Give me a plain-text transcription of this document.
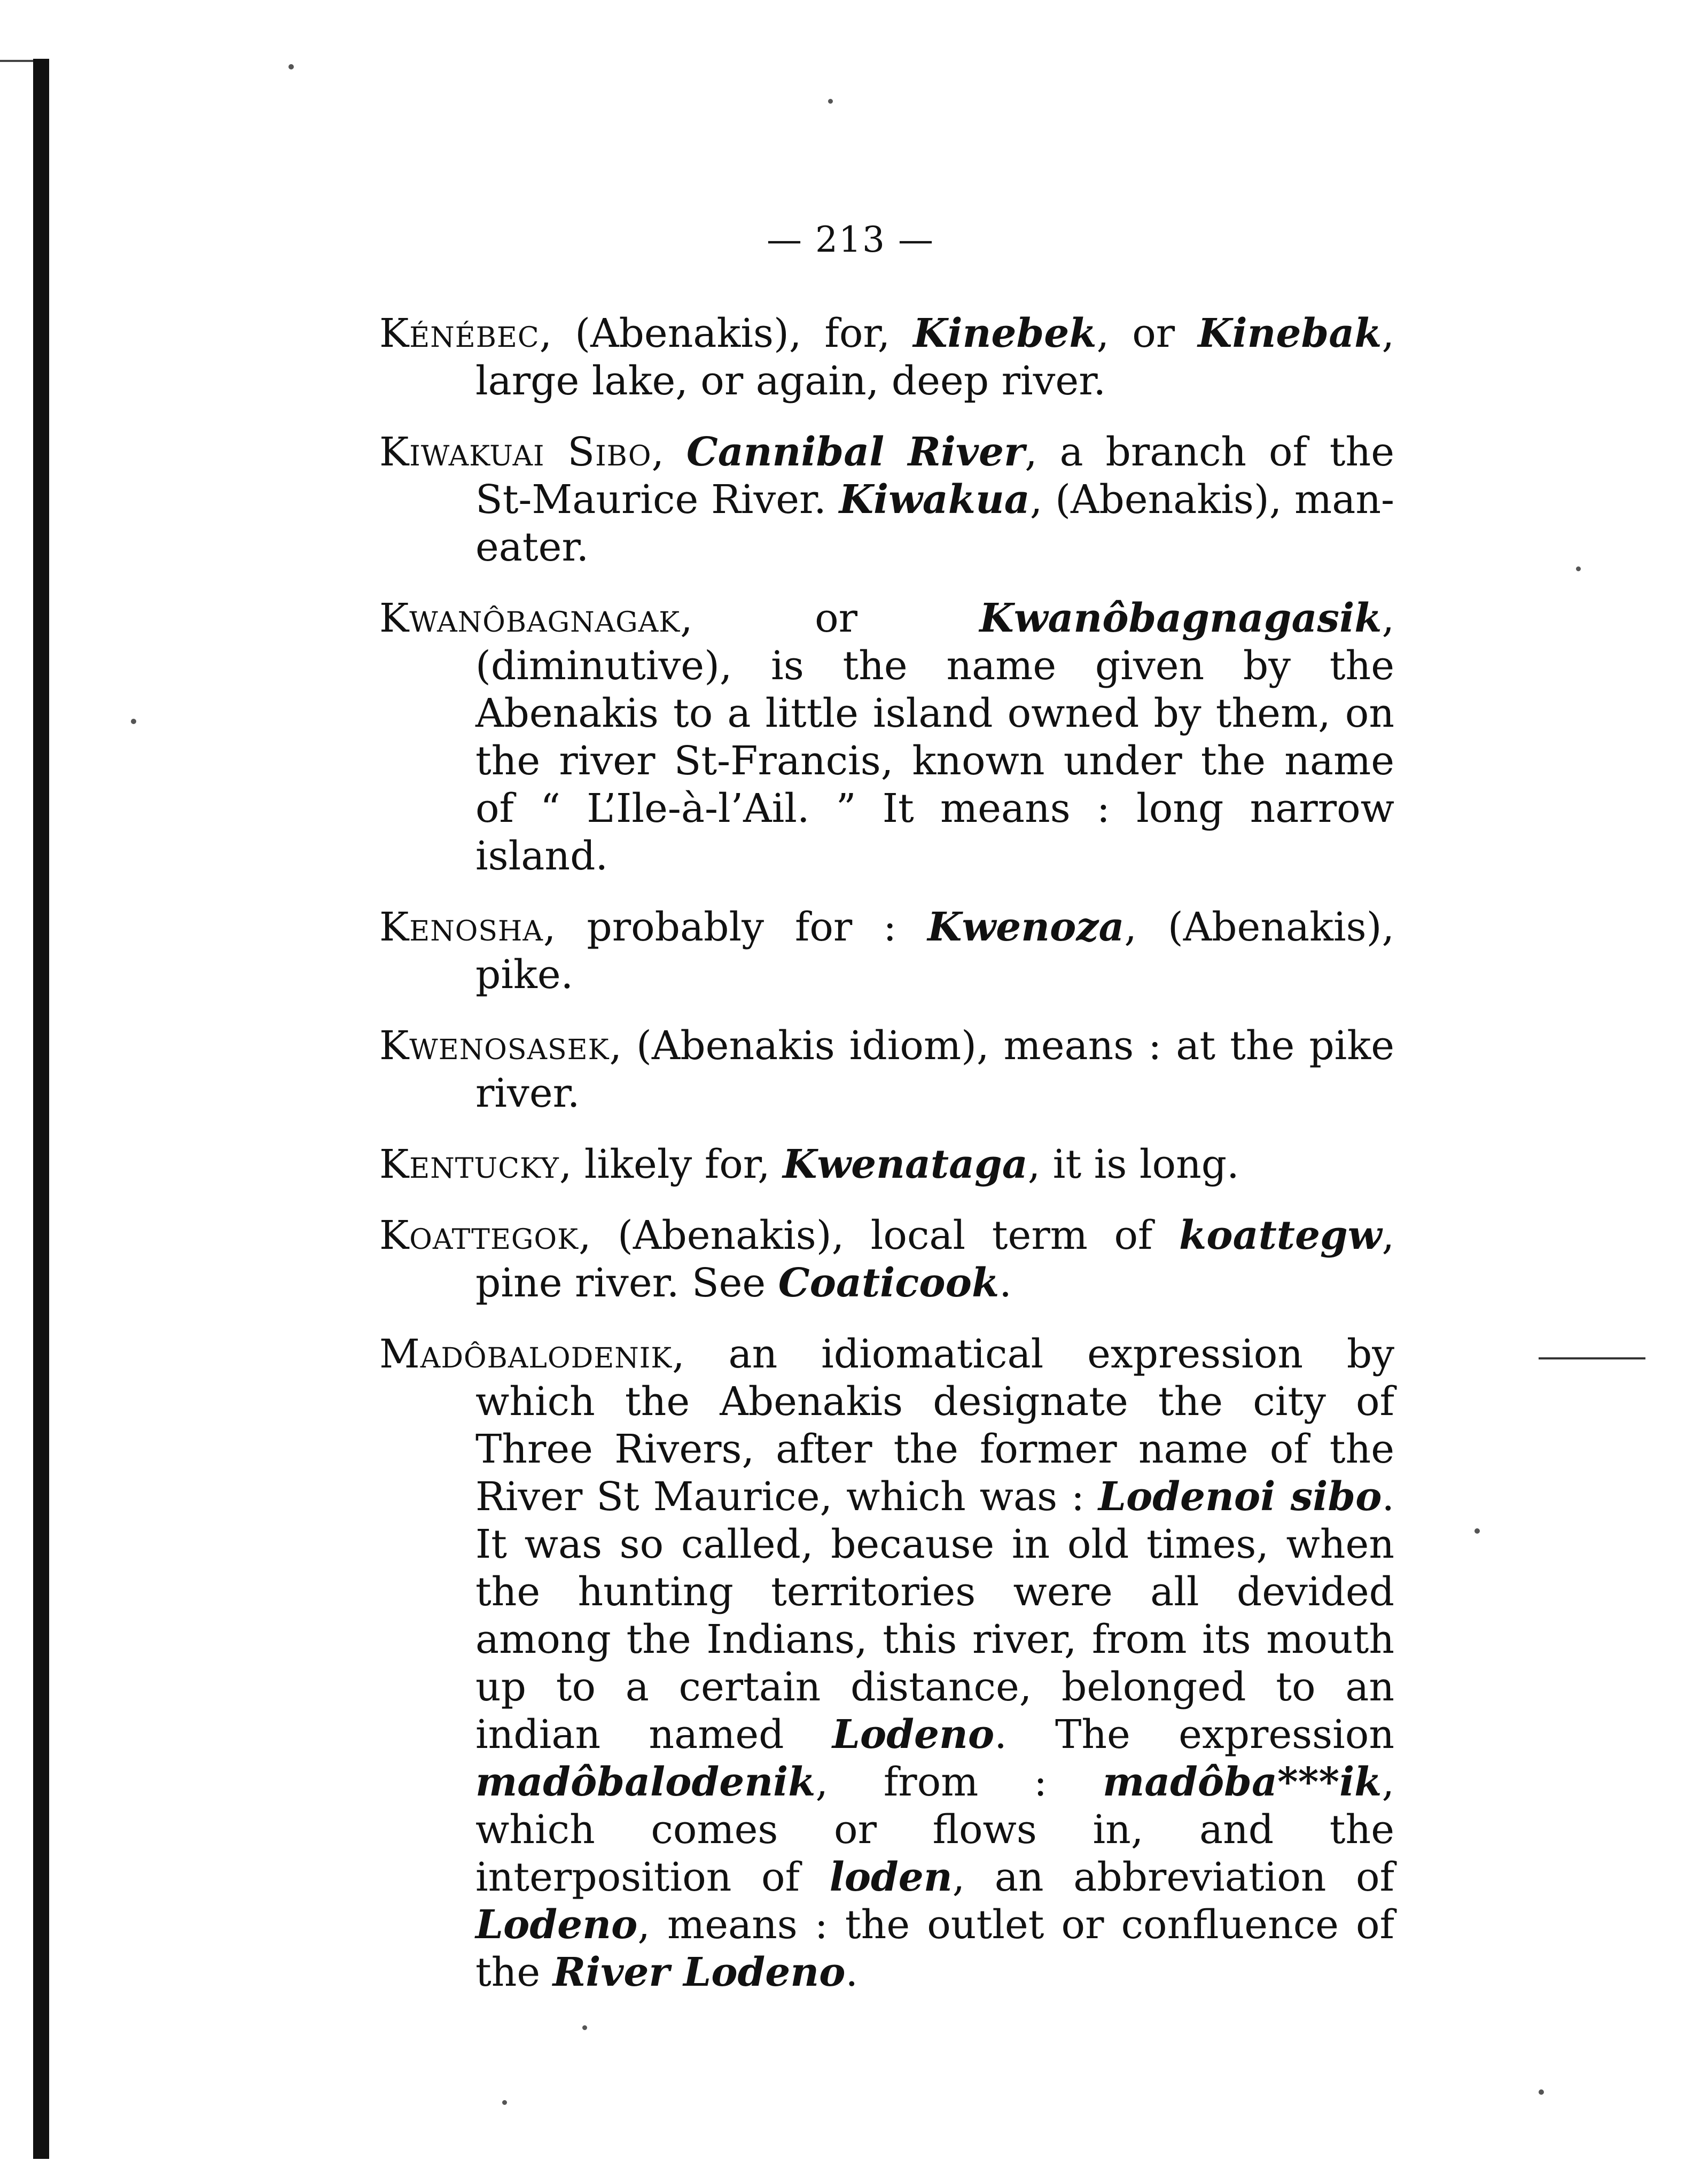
— 213 —

Kénébec, (Abenakis), for, Kinebek, or Kinebak, large lake, or again, deep river.

Kiwakuai Sibo, Cannibal River, a branch of the St-Maurice River. Kiwakua, (Abenakis), man-eater.

Kwanôbagnagak, or Kwanôbagnagasik, (diminutive), is the name given by the Abenakis to a little island owned by them, on the river St-Francis, known under the name of “ L’Ile-à-l’Ail. ” It means : long narrow island.

Kenosha, probably for : Kwenoza, (Abenakis), pike.

Kwenosasek, (Abenakis idiom), means : at the pike river.

Kentucky, likely for, Kwenataga, it is long.

Koattegok, (Abenakis), local term of koattegw, pine river. See Coaticook.

Madôbalodenik, an idiomatical expression by which the Abenakis designate the city of Three Rivers, after the former name of the River St Maurice, which was : Lodenoi sibo. It was so called, because in old times, when the hunting territories were all devided among the Indians, this river, from its mouth up to a certain distance, belonged to an indian named Lodeno. The expression madôbalodenik, from : madôba***ik, which comes or flows in, and the interposition of loden, an abbreviation of Lodeno, means : the outlet or confluence of the River Lodeno.
